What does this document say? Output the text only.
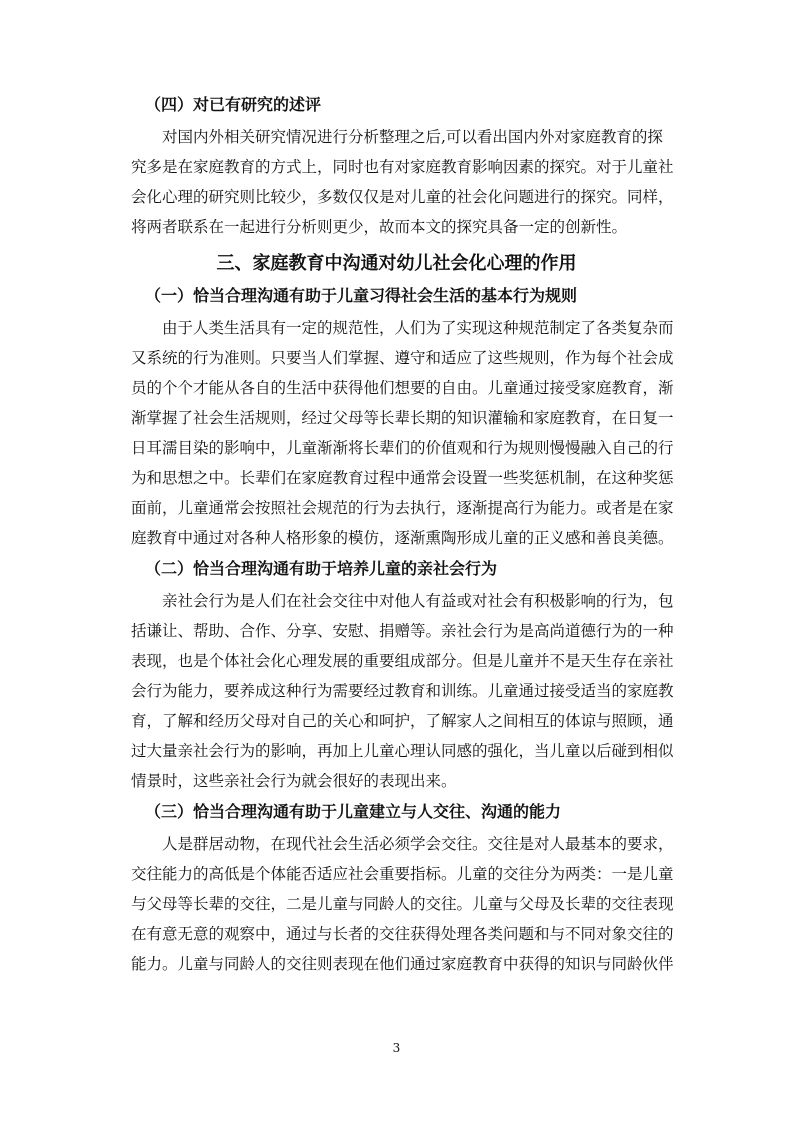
（四）对已有研究的述评
对国内外相关研究情况进行分析整理之后,可以看出国内外对家庭教育的探
究多是在家庭教育的方式上，同时也有对家庭教育影响因素的探究。对于儿童社
会化心理的研究则比较少，多数仅仅是对儿童的社会化问题进行的探究。同样，
将两者联系在一起进行分析则更少，故而本文的探究具备一定的创新性。
三、家庭教育中沟通对幼儿社会化心理的作用
（一）恰当合理沟通有助于儿童习得社会生活的基本行为规则
由于人类生活具有一定的规范性，人们为了实现这种规范制定了各类复杂而
又系统的行为准则。只要当人们掌握、遵守和适应了这些规则，作为每个社会成
员的个个才能从各自的生活中获得他们想要的自由。儿童通过接受家庭教育，渐
渐掌握了社会生活规则，经过父母等长辈长期的知识灌输和家庭教育，在日复一
日耳濡目染的影响中，儿童渐渐将长辈们的价值观和行为规则慢慢融入自己的行
为和思想之中。长辈们在家庭教育过程中通常会设置一些奖惩机制，在这种奖惩
面前，儿童通常会按照社会规范的行为去执行，逐渐提高行为能力。或者是在家
庭教育中通过对各种人格形象的模仿，逐渐熏陶形成儿童的正义感和善良美德。
（二）恰当合理沟通有助于培养儿童的亲社会行为
亲社会行为是人们在社会交往中对他人有益或对社会有积极影响的行为，包
括谦让、帮助、合作、分享、安慰、捐赠等。亲社会行为是高尚道德行为的一种
表现，也是个体社会化心理发展的重要组成部分。但是儿童并不是天生存在亲社
会行为能力，要养成这种行为需要经过教育和训练。儿童通过接受适当的家庭教
育，了解和经历父母对自己的关心和呵护，了解家人之间相互的体谅与照顾，通
过大量亲社会行为的影响，再加上儿童心理认同感的强化，当儿童以后碰到相似
情景时，这些亲社会行为就会很好的表现出来。
（三）恰当合理沟通有助于儿童建立与人交往、沟通的能力
人是群居动物，在现代社会生活必须学会交往。交往是对人最基本的要求，
交往能力的高低是个体能否适应社会重要指标。儿童的交往分为两类：一是儿童
与父母等长辈的交往，二是儿童与同龄人的交往。儿童与父母及长辈的交往表现
在有意无意的观察中，通过与长者的交往获得处理各类问题和与不同对象交往的
能力。儿童与同龄人的交往则表现在他们通过家庭教育中获得的知识与同龄伙伴
3
